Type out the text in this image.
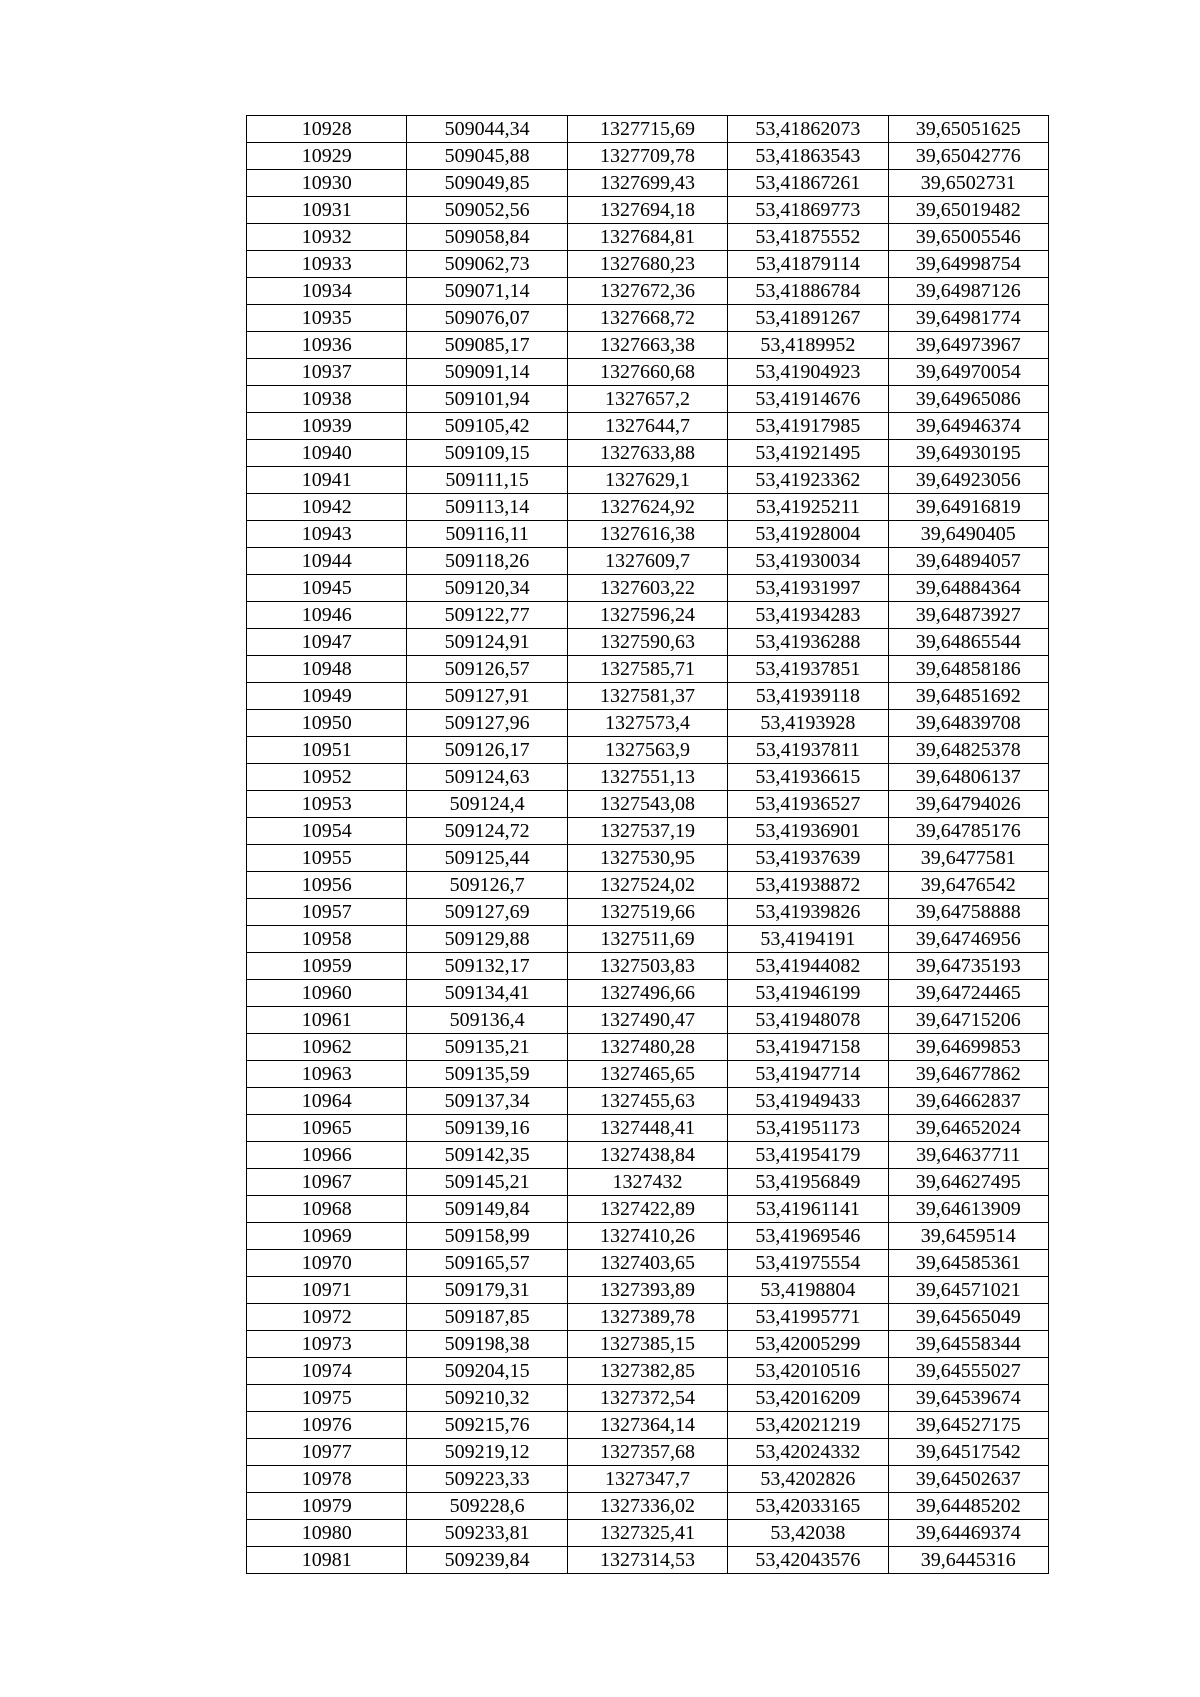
10928	509044,34	1327715,69	53,41862073	39,65051625
10929	509045,88	1327709,78	53,41863543	39,65042776
10930	509049,85	1327699,43	53,41867261	39,6502731
10931	509052,56	1327694,18	53,41869773	39,65019482
10932	509058,84	1327684,81	53,41875552	39,65005546
10933	509062,73	1327680,23	53,41879114	39,64998754
10934	509071,14	1327672,36	53,41886784	39,64987126
10935	509076,07	1327668,72	53,41891267	39,64981774
10936	509085,17	1327663,38	53,4189952	39,64973967
10937	509091,14	1327660,68	53,41904923	39,64970054
10938	509101,94	1327657,2	53,41914676	39,64965086
10939	509105,42	1327644,7	53,41917985	39,64946374
10940	509109,15	1327633,88	53,41921495	39,64930195
10941	509111,15	1327629,1	53,41923362	39,64923056
10942	509113,14	1327624,92	53,41925211	39,64916819
10943	509116,11	1327616,38	53,41928004	39,6490405
10944	509118,26	1327609,7	53,41930034	39,64894057
10945	509120,34	1327603,22	53,41931997	39,64884364
10946	509122,77	1327596,24	53,41934283	39,64873927
10947	509124,91	1327590,63	53,41936288	39,64865544
10948	509126,57	1327585,71	53,41937851	39,64858186
10949	509127,91	1327581,37	53,41939118	39,64851692
10950	509127,96	1327573,4	53,4193928	39,64839708
10951	509126,17	1327563,9	53,41937811	39,64825378
10952	509124,63	1327551,13	53,41936615	39,64806137
10953	509124,4	1327543,08	53,41936527	39,64794026
10954	509124,72	1327537,19	53,41936901	39,64785176
10955	509125,44	1327530,95	53,41937639	39,6477581
10956	509126,7	1327524,02	53,41938872	39,6476542
10957	509127,69	1327519,66	53,41939826	39,64758888
10958	509129,88	1327511,69	53,4194191	39,64746956
10959	509132,17	1327503,83	53,41944082	39,64735193
10960	509134,41	1327496,66	53,41946199	39,64724465
10961	509136,4	1327490,47	53,41948078	39,64715206
10962	509135,21	1327480,28	53,41947158	39,64699853
10963	509135,59	1327465,65	53,41947714	39,64677862
10964	509137,34	1327455,63	53,41949433	39,64662837
10965	509139,16	1327448,41	53,41951173	39,64652024
10966	509142,35	1327438,84	53,41954179	39,64637711
10967	509145,21	1327432	53,41956849	39,64627495
10968	509149,84	1327422,89	53,41961141	39,64613909
10969	509158,99	1327410,26	53,41969546	39,6459514
10970	509165,57	1327403,65	53,41975554	39,64585361
10971	509179,31	1327393,89	53,4198804	39,64571021
10972	509187,85	1327389,78	53,41995771	39,64565049
10973	509198,38	1327385,15	53,42005299	39,64558344
10974	509204,15	1327382,85	53,42010516	39,64555027
10975	509210,32	1327372,54	53,42016209	39,64539674
10976	509215,76	1327364,14	53,42021219	39,64527175
10977	509219,12	1327357,68	53,42024332	39,64517542
10978	509223,33	1327347,7	53,4202826	39,64502637
10979	509228,6	1327336,02	53,42033165	39,64485202
10980	509233,81	1327325,41	53,42038	39,64469374
10981	509239,84	1327314,53	53,42043576	39,6445316
